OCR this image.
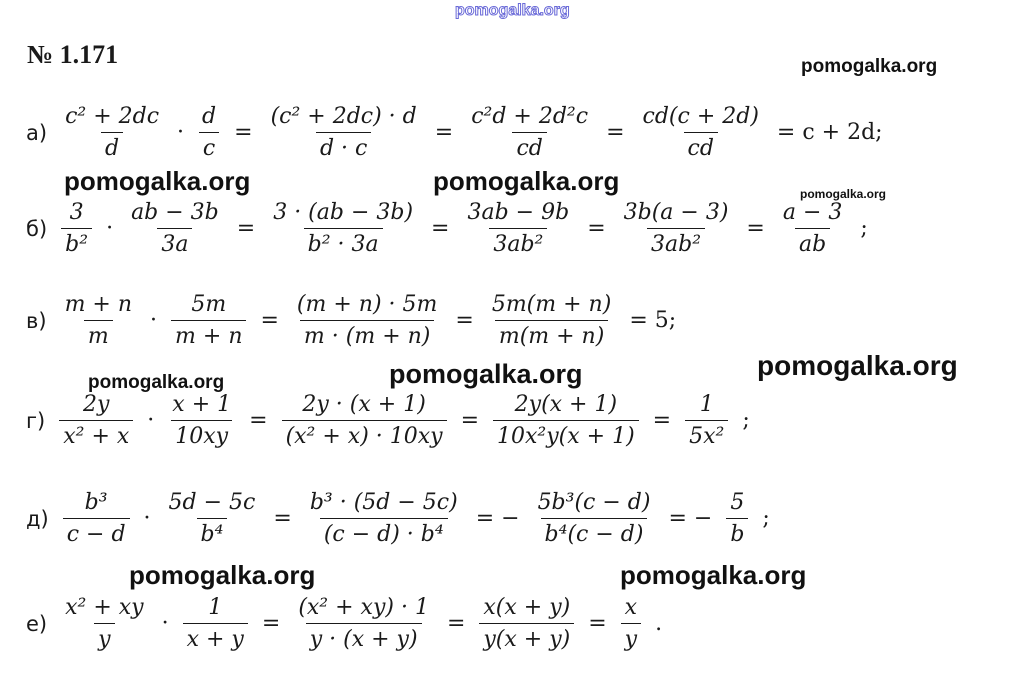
pomogalka.org
№ 1.171
$а) \frac{\text{c² + 2dc}}{d} \cdot \frac{d}{c} = \frac{\text{(c² + 2dc) · d}}{d \cdot c} = \frac{\text{c²d + 2d²c}}{cd} = \frac{cd(c + 2d)}{cd} = c + 2d$;
$б) \frac{3}{\text{b²}} \cdot \frac{ab - 3b}{3a} = \frac{3 \cdot (ab - 3b)}{\text{b² · 3a}} = \frac{3ab - 9b}{\text{3ab²}} = \frac{3b(a - 3)}{\text{3ab²}} = \frac{a - 3}{ab}$ ;
$в) \frac{m + n}{m} \cdot \frac{5m}{m + n} = \frac{(m + n) \cdot 5m}{m \cdot (m + n)} = \frac{5m(m + n)}{m(m + n)} = 5$;
$г) \frac{2y}{\text{x² + x}} \cdot \frac{x + 1}{10xy} = \frac{2y \cdot (x + 1)}{\text{(x² + x) · 10xy}} = \frac{2y(x + 1)}{\text{10x²y(x + 1)}} = \frac{1}{\text{5x²}}$ ;
$д) \frac{\text{b³}}{c - d} \cdot \frac{5d - 5c}{\text{b⁴}} = \frac{\text{b³ · (5d − 5c)}}{\text{(c − d) · b⁴}}$ = − $\frac{\text{5b³(c − d)}}{\text{b⁴(c − d)}}$ = − $\frac{5}{b}$ ;
$е) \frac{\text{x² + xy}}{y} \cdot \frac{1}{x + y} = \frac{\text{(x² + xy) · 1}}{y \cdot (x + y)} = \frac{x(x + y)}{y(x + y)} = \frac{x}{y}$ .
pomogalka.org
pomogalka.org	pomogalka.org	pomogalka.org
pomogalka.org	pomogalka.org	pomogalka.org
pomogalka.org	pomogalka.org
